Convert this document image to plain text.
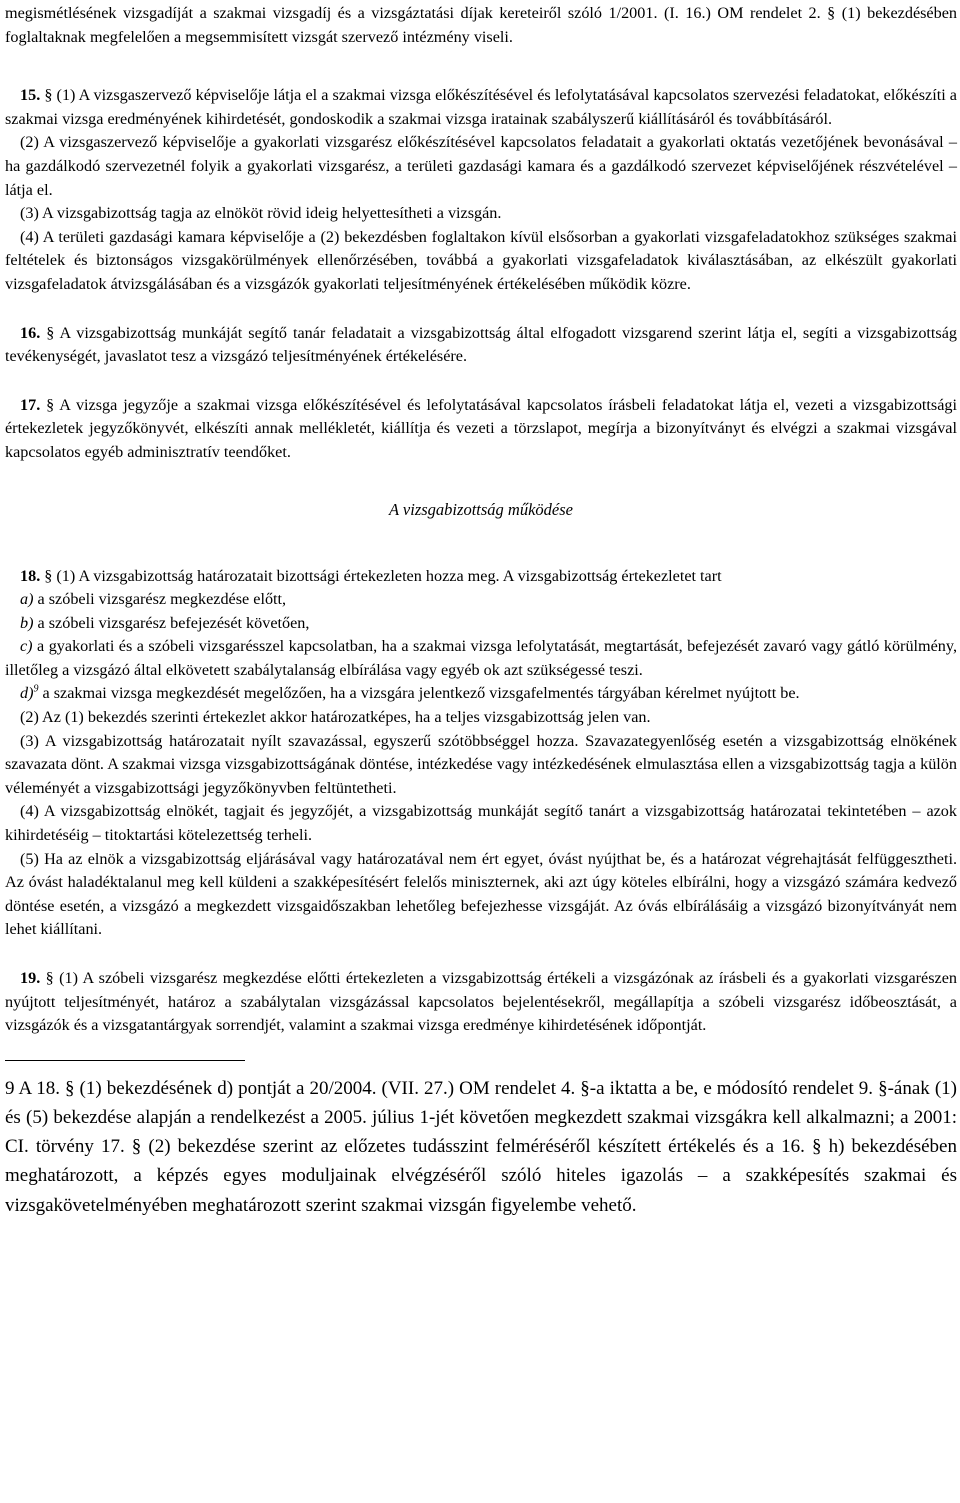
megismétlésének vizsgadíját a szakmai vizsgadíj és a vizsgáztatási díjak kereteiről szóló 1/2001. (I. 16.) OM rendelet 2. § (1) bekezdésében foglaltaknak megfelelően a megsemmisített vizsgát szervező intézmény viseli.

15. § (1) A vizsgaszervező képviselője látja el a szakmai vizsga előkészítésével és lefolytatásával kapcsolatos szervezési feladatokat, előkészíti a szakmai vizsga eredményének kihirdetését, gondoskodik a szakmai vizsga iratainak szabályszerű kiállításáról és továbbításáról.

(2) A vizsgaszervező képviselője a gyakorlati vizsgarész előkészítésével kapcsolatos feladatait a gyakorlati oktatás vezetőjének bevonásával – ha gazdálkodó szervezetnél folyik a gyakorlati vizsgarész, a területi gazdasági kamara és a gazdálkodó szervezet képviselőjének részvételével – látja el.

(3) A vizsgabizottság tagja az elnököt rövid ideig helyettesítheti a vizsgán.

(4) A területi gazdasági kamara képviselője a (2) bekezdésben foglaltakon kívül elsősorban a gyakorlati vizsgafeladatokhoz szükséges szakmai feltételek és biztonságos vizsgakörülmények ellenőrzésében, továbbá a gyakorlati vizsgafeladatok kiválasztásában, az elkészült gyakorlati vizsgafeladatok átvizsgálásában és a vizsgázók gyakorlati teljesítményének értékelésében működik közre.

16. § A vizsgabizottság munkáját segítő tanár feladatait a vizsgabizottság által elfogadott vizsgarend szerint látja el, segíti a vizsgabizottság tevékenységét, javaslatot tesz a vizsgázó teljesítményének értékelésére.

17. § A vizsga jegyzője a szakmai vizsga előkészítésével és lefolytatásával kapcsolatos írásbeli feladatokat látja el, vezeti a vizsgabizottsági értekezletek jegyzőkönyvét, elkészíti annak mellékletét, kiállítja és vezeti a törzslapot, megírja a bizonyítványt és elvégzi a szakmai vizsgával kapcsolatos egyéb adminisztratív teendőket.

A vizsgabizottság működése

18. § (1) A vizsgabizottság határozatait bizottsági értekezleten hozza meg. A vizsgabizottság értekezletet tart

a) a szóbeli vizsgarész megkezdése előtt,

b) a szóbeli vizsgarész befejezését követően,

c) a gyakorlati és a szóbeli vizsgarésszel kapcsolatban, ha a szakmai vizsga lefolytatását, megtartását, befejezését zavaró vagy gátló körülmény, illetőleg a vizsgázó által elkövetett szabálytalanság elbírálása vagy egyéb ok azt szükségessé teszi.

d)$^9$ a szakmai vizsga megkezdését megelőzően, ha a vizsgára jelentkező vizsgafelmentés tárgyában kérelmet nyújtott be.

(2) Az (1) bekezdés szerinti értekezlet akkor határozatképes, ha a teljes vizsgabizottság jelen van.

(3) A vizsgabizottság határozatait nyílt szavazással, egyszerű szótöbbséggel hozza. Szavazategyenlőség esetén a vizsgabizottság elnökének szavazata dönt. A szakmai vizsga vizsgabizottságának döntése, intézkedése vagy intézkedésének elmulasztása ellen a vizsgabizottság tagja a külön véleményét a vizsgabizottsági jegyzőkönyvben feltüntetheti.

(4) A vizsgabizottság elnökét, tagjait és jegyzőjét, a vizsgabizottság munkáját segítő tanárt a vizsgabizottság határozatai tekintetében – azok kihirdetéséig – titoktartási kötelezettség terheli.

(5) Ha az elnök a vizsgabizottság eljárásával vagy határozatával nem ért egyet, óvást nyújthat be, és a határozat végrehajtását felfüggesztheti. Az óvást haladéktalanul meg kell küldeni a szakképesítésért felelős miniszternek, aki azt úgy köteles elbírálni, hogy a vizsgázó számára kedvező döntése esetén, a vizsgázó a megkezdett vizsgaidőszakban lehetőleg befejezhesse vizsgáját. Az óvás elbírálásáig a vizsgázó bizonyítványát nem lehet kiállítani.

19. § (1) A szóbeli vizsgarész megkezdése előtti értekezleten a vizsgabizottság értékeli a vizsgázónak az írásbeli és a gyakorlati vizsgarészen nyújtott teljesítményét, határoz a szabálytalan vizsgázással kapcsolatos bejelentésekről, megállapítja a szóbeli vizsgarész időbeosztását, a vizsgázók és a vizsgatantárgyak sorrendjét, valamint a szakmai vizsga eredménye kihirdetésének időpontját.

9 A 18. § (1) bekezdésének d) pontját a 20/2004. (VII. 27.) OM rendelet 4. §-a iktatta a be, e módosító rendelet 9. §-ának (1) és (5) bekezdése alapján a rendelkezést a 2005. július 1-jét követően megkezdett szakmai vizsgákra kell alkalmazni; a 2001: CI. törvény 17. § (2) bekezdése szerint az előzetes tudásszint felméréséről készített értékelés és a 16. § h) bekezdésében meghatározott, a képzés egyes moduljainak elvégzéséről szóló hiteles igazolás – a szakképesítés szakmai és vizsgakövetelményében meghatározott szerint szakmai vizsgán figyelembe vehető.
